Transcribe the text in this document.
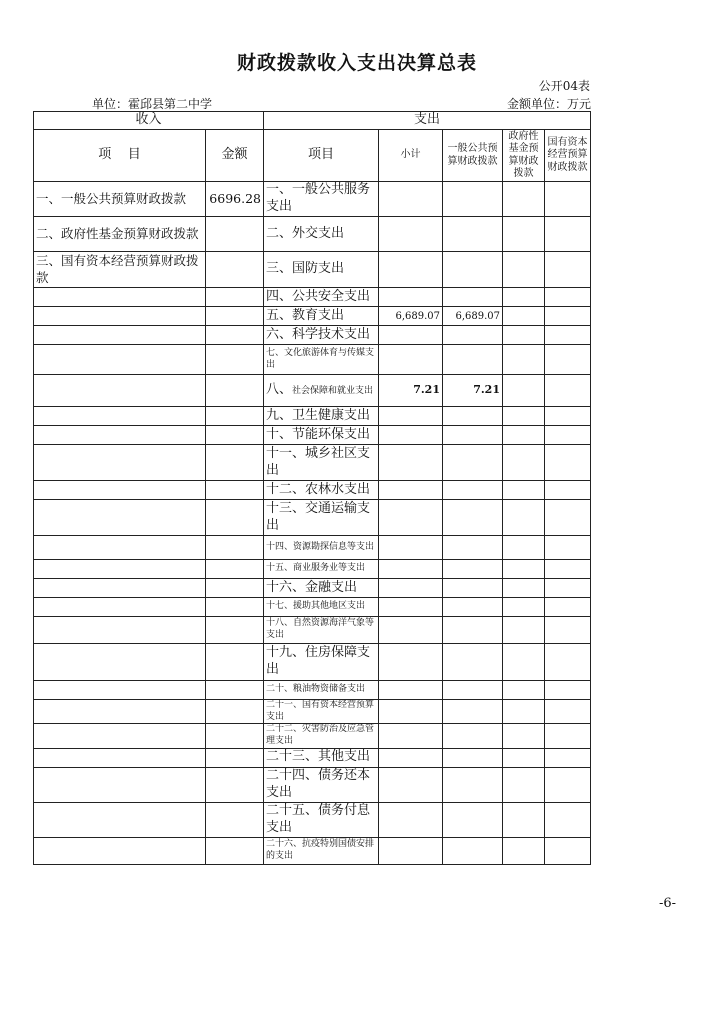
财政拨款收入支出决算总表
公开04表
单位：霍邱县第二中学	金额单位：万元
收入		支出				
项    目	金额	项目	小计	一般公共预算财政拨款	政府性基金预算财政拨款	国有资本经营预算财政拨款
一、一般公共预算财政拨款	6696.28	一、一般公共服务支出				
二、政府性基金预算财政拨款		二、外交支出				
三、国有资本经营预算财政拨款		三、国防支出				
		四、公共安全支出				
		五、教育支出	6,689.07	6,689.07		
		六、科学技术支出				
		七、文化旅游体育与传媒支出				
		八、社会保障和就业支出	7.21	7.21		
		九、卫生健康支出				
		十、节能环保支出				
		十一、城乡社区支出				
		十二、农林水支出				
		十三、交通运输支出				
		十四、资源勘探信息等支出				
		十五、商业服务业等支出				
		十六、金融支出				
		十七、援助其他地区支出				
		十八、自然资源海洋气象等支出				
		十九、住房保障支出				
		二十、粮油物资储备支出				
		二十一、国有资本经营预算支出				
		二十二、灾害防治及应急管理支出				
		二十三、其他支出				
		二十四、债务还本支出				
		二十五、债务付息支出				
		二十六、抗疫特别国债安排的支出				
-6-
